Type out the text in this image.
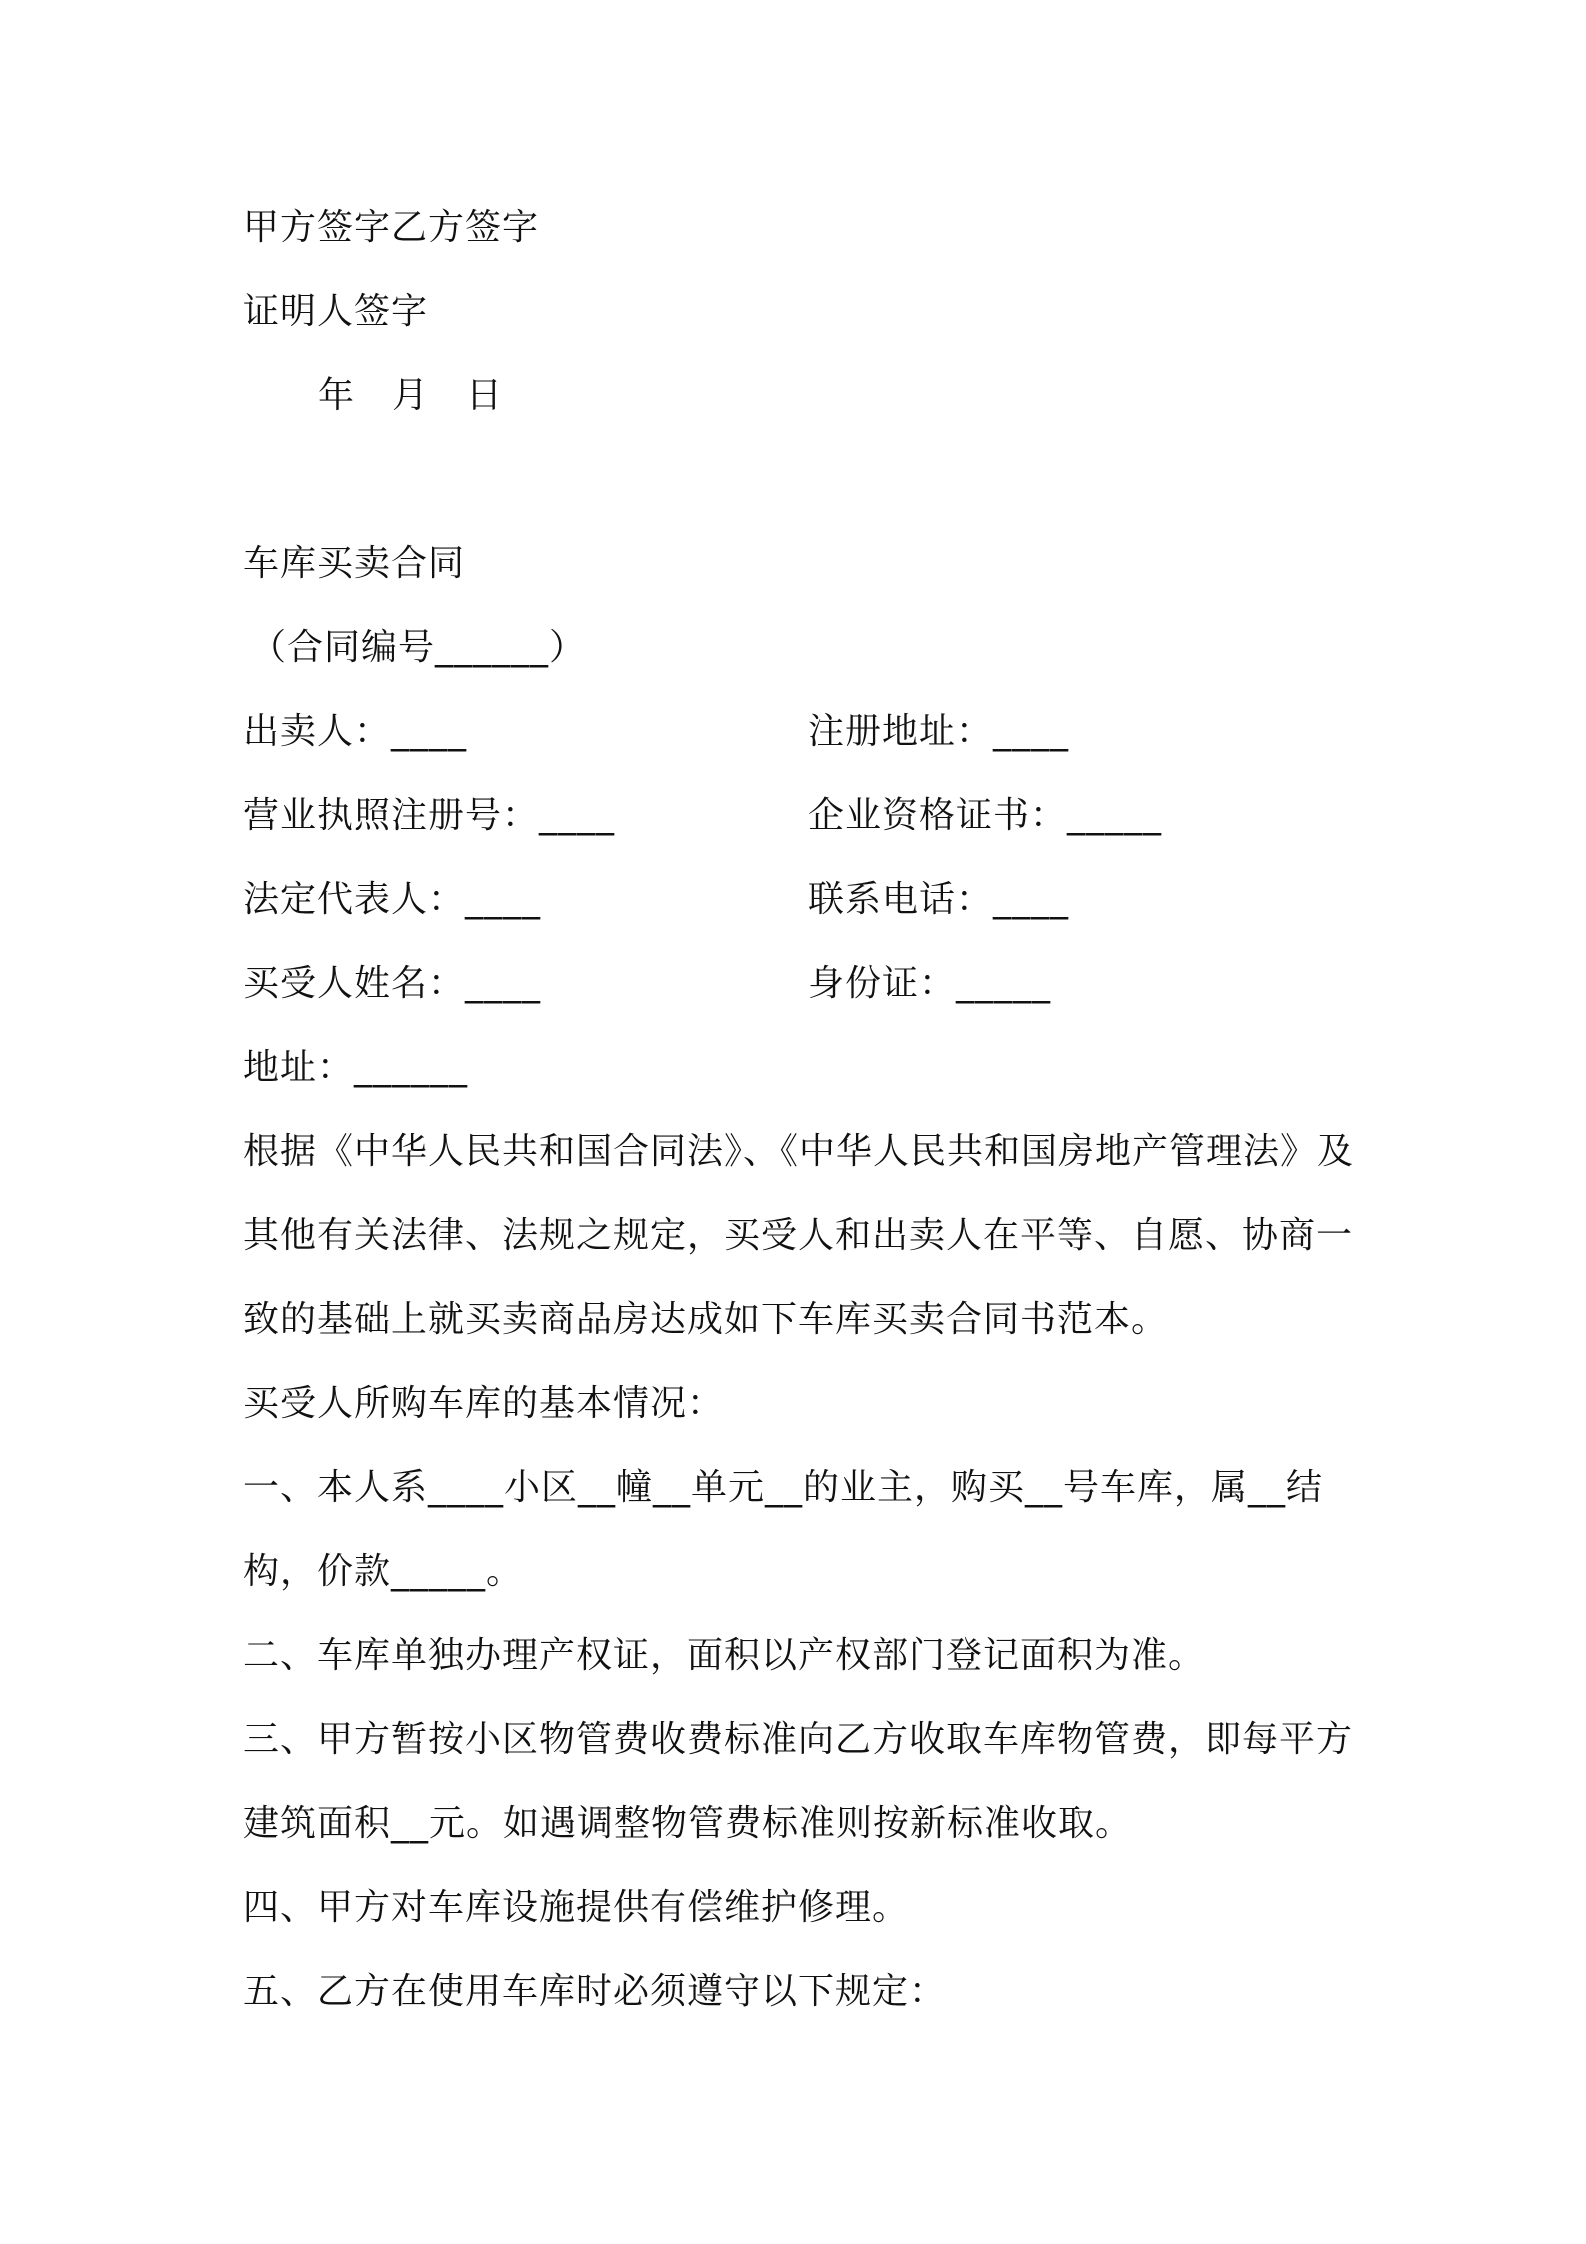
甲方签字乙方签字
证明人签字
年　月　日
车库买卖合同
（合同编号______）
出卖人：____	注册地址：____
营业执照注册号：____	企业资格证书：_____
法定代表人：____	联系电话：____
买受人姓名：____	身份证：_____
地址：______
根据《中华人民共和国合同法》、《中华人民共和国房地产管理法》及
其他有关法律、法规之规定，买受人和出卖人在平等、自愿、协商一
致的基础上就买卖商品房达成如下车库买卖合同书范本。
买受人所购车库的基本情况：
一、本人系____小区__幢__单元__的业主，购买__号车库，属__结
构，价款_____。
二、车库单独办理产权证，面积以产权部门登记面积为准。
三、甲方暂按小区物管费收费标准向乙方收取车库物管费，即每平方
建筑面积__元。如遇调整物管费标准则按新标准收取。
四、甲方对车库设施提供有偿维护修理。
五、乙方在使用车库时必须遵守以下规定：
